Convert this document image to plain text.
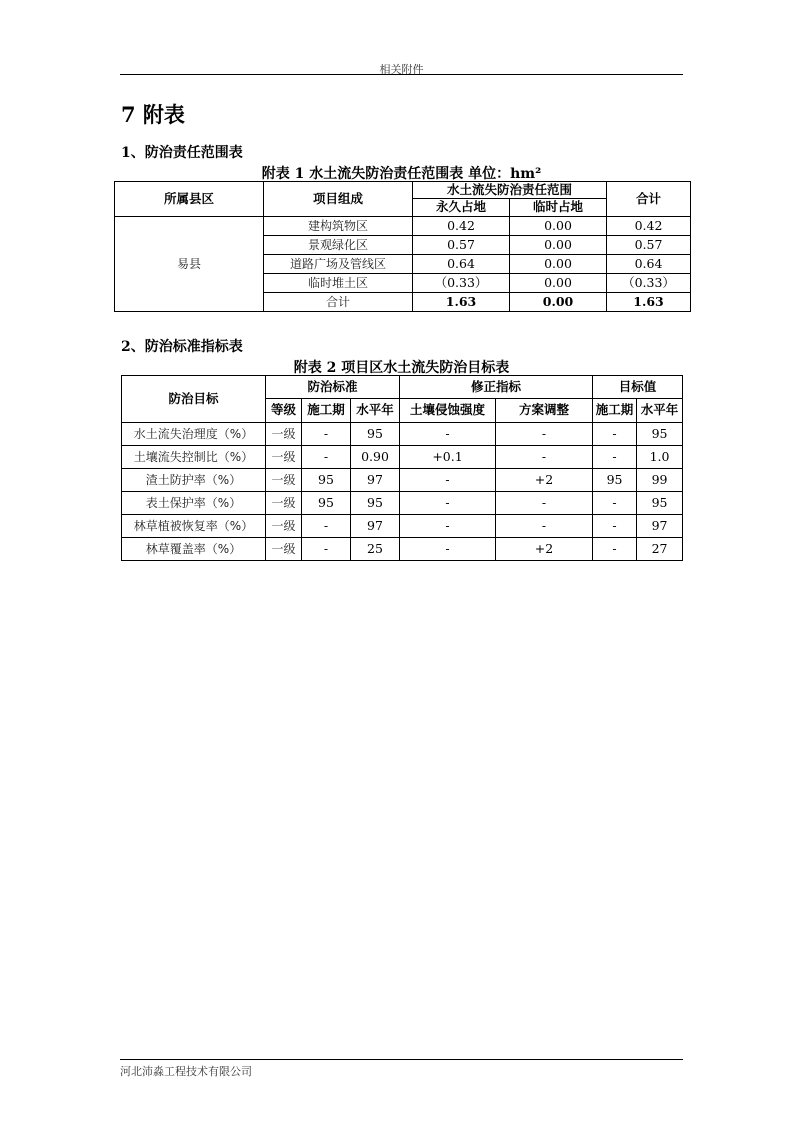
相关附件
7 附表
1、防治责任范围表
附表 1 水土流失防治责任范围表 单位：hm²
所属县区	项目组成	水土流失防治责任范围		合计
		永久占地	临时占地	
易县	建构筑物区	0.42	0.00	0.42
	景观绿化区	0.57	0.00	0.57
	道路广场及管线区	0.64	0.00	0.64
	临时堆土区	（0.33）	0.00	（0.33）
	合计	1.63	0.00	1.63
2、防治标准指标表
附表 2 项目区水土流失防治目标表
防治目标	防治标准			修正指标		目标值	
	等级	施工期	水平年	土壤侵蚀强度	方案调整	施工期	水平年
水土流失治理度（%）	一级	-	95	-	-	-	95
土壤流失控制比（%）	一级	-	0.90	+0.1	-	-	1.0
渣土防护率（%）	一级	95	97	-	+2	95	99
表土保护率（%）	一级	95	95	-	-	-	95
林草植被恢复率（%）	一级	-	97	-	-	-	97
林草覆盖率（%）	一级	-	25	-	+2	-	27
河北沛淼工程技术有限公司
